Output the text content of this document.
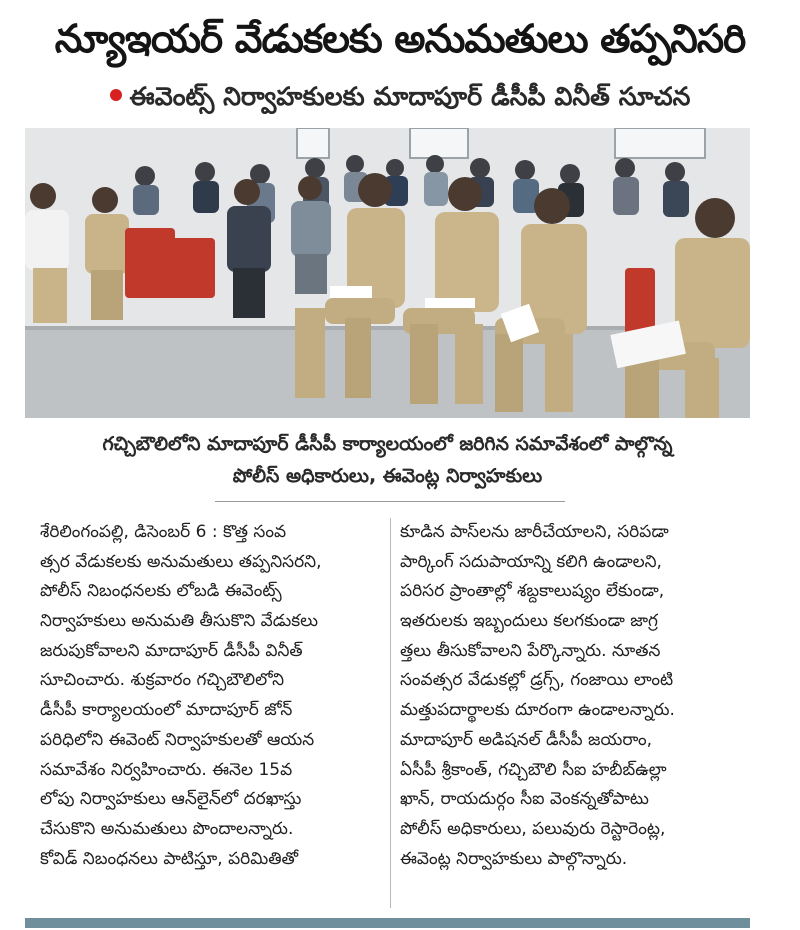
న్యూఇయర్ వేడుకలకు అనుమతులు తప్పనిసరి
ఈవెంట్స్ నిర్వాహకులకు మాదాపూర్ డీసీపీ వినీత్ సూచన
గచ్చిబౌలిలోని మాదాపూర్ డీసీపీ కార్యాలయంలో జరిగిన సమావేశంలో పాల్గొన్న
పోలీస్ అధికారులు, ఈవెంట్ల నిర్వాహకులు
శేరిలింగంపల్లి, డిసెంబర్ 6 : కొత్త సంవ
త్సర వేడుకలకు అనుమతులు తప్పనిసరని,
పోలీస్ నిబంధనలకు లోబడి ఈవెంట్స్
నిర్వాహకులు అనుమతి తీసుకొని వేడుకలు
జరుపుకోవాలని మాదాపూర్ డీసీపీ వినీత్
సూచించారు. శుక్రవారం గచ్చిబౌలిలోని
డీసీపీ కార్యాలయంలో మాదాపూర్ జోన్
పరిధిలోని ఈవెంట్ నిర్వాహకులతో ఆయన
సమావేశం నిర్వహించారు. ఈనెల 15వ
లోపు నిర్వాహకులు ఆన్‌లైన్‌లో దరఖాస్తు
చేసుకొని అనుమతులు పొందాలన్నారు.
కోవిడ్ నిబంధనలు పాటిస్తూ, పరిమితితో
కూడిన పాస్‌లను జారీచేయాలని, సరిపడా
పార్కింగ్ సదుపాయాన్ని కలిగి ఉండాలని,
పరిసర ప్రాంతాల్లో శబ్దకాలుష్యం లేకుండా,
ఇతరులకు ఇబ్బందులు కలగకుండా జాగ్ర
త్తలు తీసుకోవాలని పేర్కొన్నారు. నూతన
సంవత్సర వేడుకల్లో డ్రగ్స్, గంజాయి లాంటి
మత్తుపదార్థాలకు దూరంగా ఉండాలన్నారు.
మాదాపూర్ అడిషనల్ డీసీపీ జయరాం,
ఏసీపీ శ్రీకాంత్, గచ్చిబౌలి సీఐ హబీబ్‌ఉల్లా
ఖాన్, రాయదుర్గం సీఐ వెంకన్నతోపాటు
పోలీస్ అధికారులు, పలువురు రెస్టారెంట్ల,
ఈవెంట్ల నిర్వాహకులు పాల్గొన్నారు.
